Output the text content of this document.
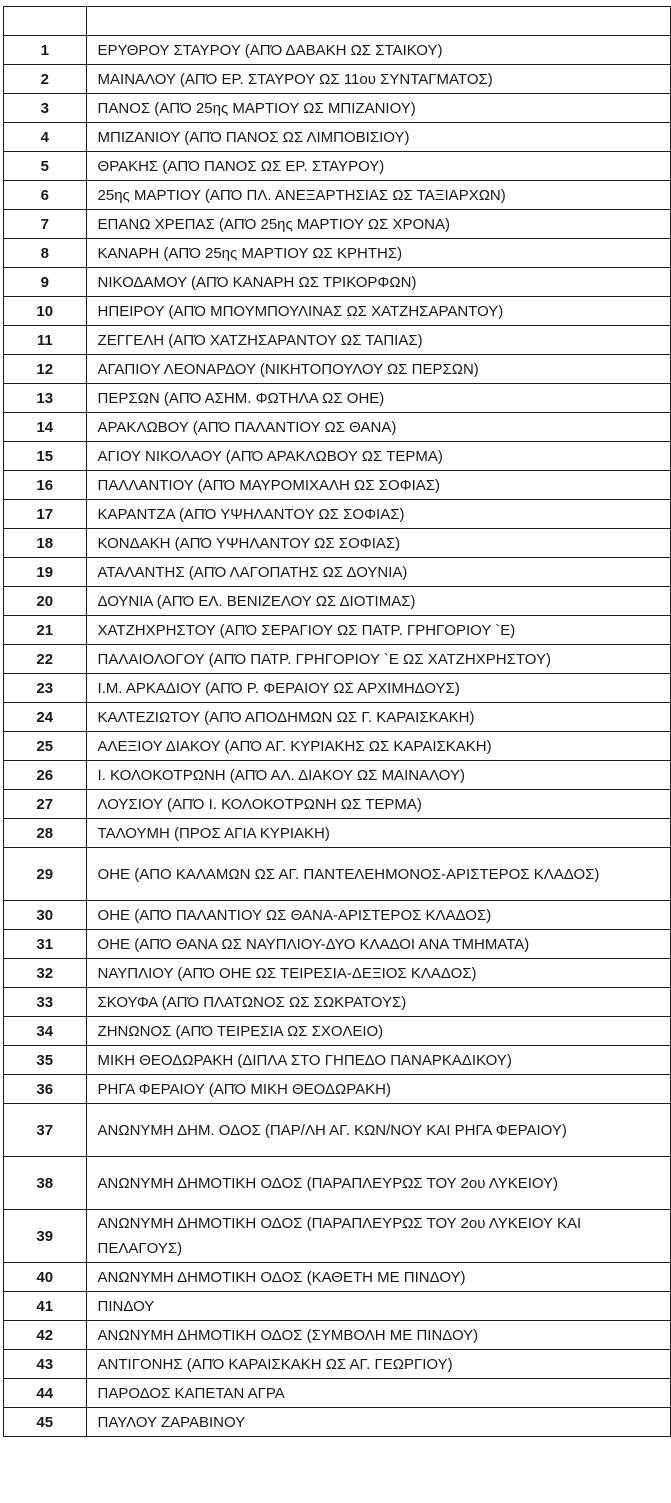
1	ΕΡΥΘΡΟΥ ΣΤΑΥΡΟΥ (ΑΠΌ ΔΑΒΑΚΗ ΩΣ ΣΤΑΙΚΟΥ)
2	ΜΑΙΝΑΛΟΥ (ΑΠΌ ΕΡ. ΣΤΑΥΡΟΥ ΩΣ 11ου ΣΥΝΤΑΓΜΑΤΟΣ)
3	ΠΑΝΟΣ (ΑΠΌ 25ης ΜΑΡΤΙΟΥ ΩΣ ΜΠΙΖΑΝΙΟΥ)
4	ΜΠΙΖΑΝΙΟΥ (ΑΠΌ ΠΑΝΟΣ ΩΣ ΛΙΜΠΟΒΙΣΙΟΥ)
5	ΘΡΑΚΗΣ (ΑΠΌ ΠΑΝΟΣ ΩΣ ΕΡ. ΣΤΑΥΡΟΥ)
6	25ης ΜΑΡΤΙΟΥ (ΑΠΌ ΠΛ. ΑΝΕΞΑΡΤΗΣΙΑΣ ΩΣ ΤΑΞΙΑΡΧΩΝ)
7	ΕΠΑΝΩ ΧΡΕΠΑΣ (ΑΠΌ 25ης ΜΑΡΤΙΟΥ ΩΣ ΧΡΟΝΑ)
8	ΚΑΝΑΡΗ (ΑΠΌ 25ης ΜΑΡΤΙΟΥ ΩΣ ΚΡΗΤΗΣ)
9	ΝΙΚΟΔΑΜΟΥ (ΑΠΌ ΚΑΝΑΡΗ ΩΣ ΤΡΙΚΟΡΦΩΝ)
10	ΗΠΕΙΡΟΥ (ΑΠΌ ΜΠΟΥΜΠΟΥΛΙΝΑΣ ΩΣ ΧΑΤΖΗΣΑΡΑΝΤΟΥ)
11	ΖΕΓΓΕΛΗ (ΑΠΌ ΧΑΤΖΗΣΑΡΑΝΤΟΥ ΩΣ ΤΑΠΙΑΣ)
12	ΑΓΑΠΙΟΥ ΛΕΟΝΑΡΔΟΥ (ΝΙΚΗΤΟΠΟΥΛΟΥ ΩΣ ΠΕΡΣΩΝ)
13	ΠΕΡΣΩΝ (ΑΠΌ ΑΣΗΜ. ΦΩΤΗΛΑ ΩΣ ΟΗΕ)
14	ΑΡΑΚΛΩΒΟΥ (ΑΠΌ ΠΑΛΑΝΤΙΟΥ ΩΣ ΘΑΝΑ)
15	ΑΓΙΟΥ ΝΙΚΟΛΑΟΥ (ΑΠΌ ΑΡΑΚΛΩΒΟΥ ΩΣ ΤΕΡΜΑ)
16	ΠΑΛΛΑΝΤΙΟΥ (ΑΠΌ ΜΑΥΡΟΜΙΧΑΛΗ ΩΣ ΣΟΦΙΑΣ)
17	ΚΑΡΑΝΤΖΑ (ΑΠΌ ΥΨΗΛΑΝΤΟΥ ΩΣ ΣΟΦΙΑΣ)
18	ΚΟΝΔΑΚΗ (ΑΠΌ ΥΨΗΛΑΝΤΟΥ ΩΣ ΣΟΦΙΑΣ)
19	ΑΤΑΛΑΝΤΗΣ (ΑΠΌ ΛΑΓΟΠΑΤΗΣ ΩΣ ΔΟΥΝΙΑ)
20	ΔΟΥΝΙΑ (ΑΠΌ ΕΛ. ΒΕΝΙΖΕΛΟΥ ΩΣ ΔΙΟΤΙΜΑΣ)
21	ΧΑΤΖΗΧΡΗΣΤΟΥ (ΑΠΌ ΣΕΡΑΓΙΟΥ ΩΣ ΠΑΤΡ. ΓΡΗΓΟΡΙΟΥ `Ε)
22	ΠΑΛΑΙΟΛΟΓΟΥ (ΑΠΌ ΠΑΤΡ. ΓΡΗΓΟΡΙΟΥ `Ε ΩΣ ΧΑΤΖΗΧΡΗΣΤΟΥ)
23	Ι.Μ. ΑΡΚΑΔΙΟΥ (ΑΠΌ Ρ. ΦΕΡΑΙΟΥ ΩΣ ΑΡΧΙΜΗΔΟΥΣ)
24	ΚΑΛΤΕΖΙΩΤΟΥ (ΑΠΌ ΑΠΟΔΗΜΩΝ ΩΣ Γ. ΚΑΡΑΙΣΚΑΚΗ)
25	ΑΛΕΞΙΟΥ ΔΙΑΚΟΥ (ΑΠΌ ΑΓ. ΚΥΡΙΑΚΗΣ ΩΣ ΚΑΡΑΙΣΚΑΚΗ)
26	Ι. ΚΟΛΟΚΟΤΡΩΝΗ (ΑΠΌ ΑΛ. ΔΙΑΚΟΥ ΩΣ ΜΑΙΝΑΛΟΥ)
27	ΛΟΥΣΙΟΥ (ΑΠΌ Ι. ΚΟΛΟΚΟΤΡΩΝΗ ΩΣ ΤΕΡΜΑ)
28	ΤΑΛΟΥΜΗ (ΠΡΟΣ ΑΓΙΑ ΚΥΡΙΑΚΗ)
29	ΟΗΕ (ΑΠΟ ΚΑΛΑΜΩΝ ΩΣ ΑΓ. ΠΑΝΤΕΛΕΗΜΟΝΟΣ-ΑΡΙΣΤΕΡΟΣ ΚΛΑΔΟΣ)
30	ΟΗΕ (ΑΠΌ ΠΑΛΑΝΤΙΟΥ ΩΣ ΘΑΝΑ-ΑΡΙΣΤΕΡΟΣ ΚΛΑΔΟΣ)
31	ΟΗΕ (ΑΠΌ ΘΑΝΑ ΩΣ ΝΑΥΠΛΙΟΥ-ΔΥΟ ΚΛΑΔΟΙ ΑΝΑ ΤΜΗΜΑΤΑ)
32	ΝΑΥΠΛΙΟΥ (ΑΠΌ ΟΗΕ ΩΣ ΤΕΙΡΕΣΙΑ-ΔΕΞΙΟΣ ΚΛΑΔΟΣ)
33	ΣΚΟΥΦΑ (ΑΠΌ ΠΛΑΤΩΝΟΣ ΩΣ ΣΩΚΡΑΤΟΥΣ)
34	ΖΗΝΩΝΟΣ (ΑΠΌ ΤΕΙΡΕΣΙΑ ΩΣ ΣΧΟΛΕΙΟ)
35	ΜΙΚΗ ΘΕΟΔΩΡΑΚΗ (ΔΙΠΛΑ ΣΤΟ ΓΗΠΕΔΟ ΠΑΝΑΡΚΑΔΙΚΟΥ)
36	ΡΗΓΑ ΦΕΡΑΙΟΥ (ΑΠΌ ΜΙΚΗ ΘΕΟΔΩΡΑΚΗ)
37	ΑΝΩΝΥΜΗ ΔΗΜ. ΟΔΟΣ (ΠΑΡ/ΛΗ ΑΓ. ΚΩΝ/ΝΟΥ ΚΑΙ ΡΗΓΑ ΦΕΡΑΙΟΥ)
38	ΑΝΩΝΥΜΗ ΔΗΜΟΤΙΚΗ ΟΔΟΣ (ΠΑΡΑΠΛΕΥΡΩΣ ΤΟΥ 2ου ΛΥΚΕΙΟΥ)
39	ΑΝΩΝΥΜΗ ΔΗΜΟΤΙΚΗ ΟΔΟΣ (ΠΑΡΑΠΛΕΥΡΩΣ ΤΟΥ 2ου ΛΥΚΕΙΟΥ ΚΑΙ ΠΕΛΑΓΟΥΣ)
40	ΑΝΩΝΥΜΗ ΔΗΜΟΤΙΚΗ ΟΔΟΣ (ΚΑΘΕΤΗ ΜΕ ΠΙΝΔΟΥ)
41	ΠΙΝΔΟΥ
42	ΑΝΩΝΥΜΗ ΔΗΜΟΤΙΚΗ ΟΔΟΣ (ΣΥΜΒΟΛΗ ΜΕ ΠΙΝΔΟΥ)
43	ΑΝΤΙΓΟΝΗΣ (ΑΠΌ ΚΑΡΑΙΣΚΑΚΗ ΩΣ ΑΓ. ΓΕΩΡΓΙΟΥ)
44	ΠΑΡΟΔΟΣ ΚΑΠΕΤΑΝ ΑΓΡΑ
45	ΠΑΥΛΟΥ ΖΑΡΑΒΙΝΟΥ
